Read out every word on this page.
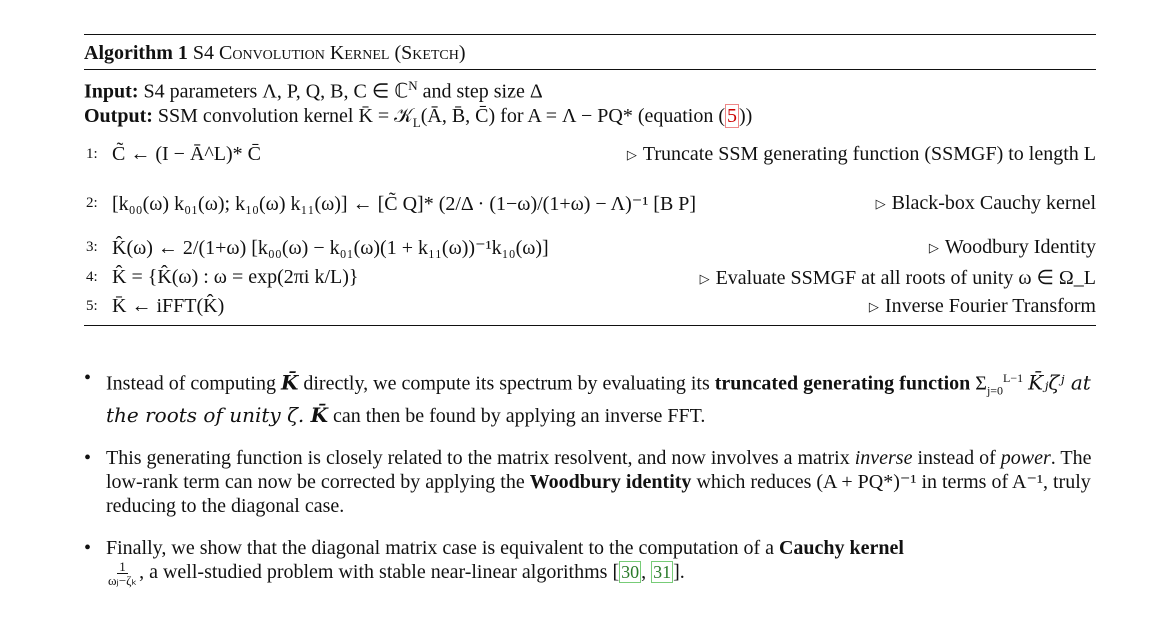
Algorithm 1 S4 Convolution Kernel (Sketch)
Input: S4 parameters Λ, P, Q, B, C ∈ ℂ$^N$ and step size Δ
Output: SSM convolution kernel K̄ = 𝒦$_L$(Ā, B̄, C̄) for A = Λ − PQ* (equation ( 5 ))
1: C̃ ← (I − Ā^L)* C̄	▷ Truncate SSM generating function (SSMGF) to length L
2: [k₀₀(ω) k₀₁(ω); k₁₀(ω) k₁₁(ω)] ← [C̃ Q]* (2/Δ · (1−ω)/(1+ω) − Λ)⁻¹ [B P]	▷ Black-box Cauchy kernel
3: K̂(ω) ← 2/(1+ω) [k₀₀(ω) − k₀₁(ω)(1 + k₁₁(ω))⁻¹k₁₀(ω)]	▷ Woodbury Identity
4: K̂ = {K̂(ω) : ω = exp(2πi k/L)}	▷ Evaluate SSMGF at all roots of unity ω ∈ Ω_L
5: K̄ ← iFFT(K̂)	▷ Inverse Fourier Transform
• Instead of computing K̄ directly, we compute its spectrum by evaluating its truncated generating function $\Sigma_{j=0}^{L-1}$ K̄ⱼζʲ at the roots of unity ζ. K̄ can then be found by applying an inverse FFT.
• This generating function is closely related to the matrix resolvent, and now involves a matrix inverse instead of power. The low-rank term can now be corrected by applying the Woodbury identity which reduces (A + PQ*)⁻¹ in terms of A⁻¹, truly reducing to the diagonal case.
• Finally, we show that the diagonal matrix case is equivalent to the computation of a Cauchy kernel

$\frac{1}{\text{ωⱼ−ζₖ}}$ , a well-studied problem with stable near-linear algorithms [ 30 , 31 ].
